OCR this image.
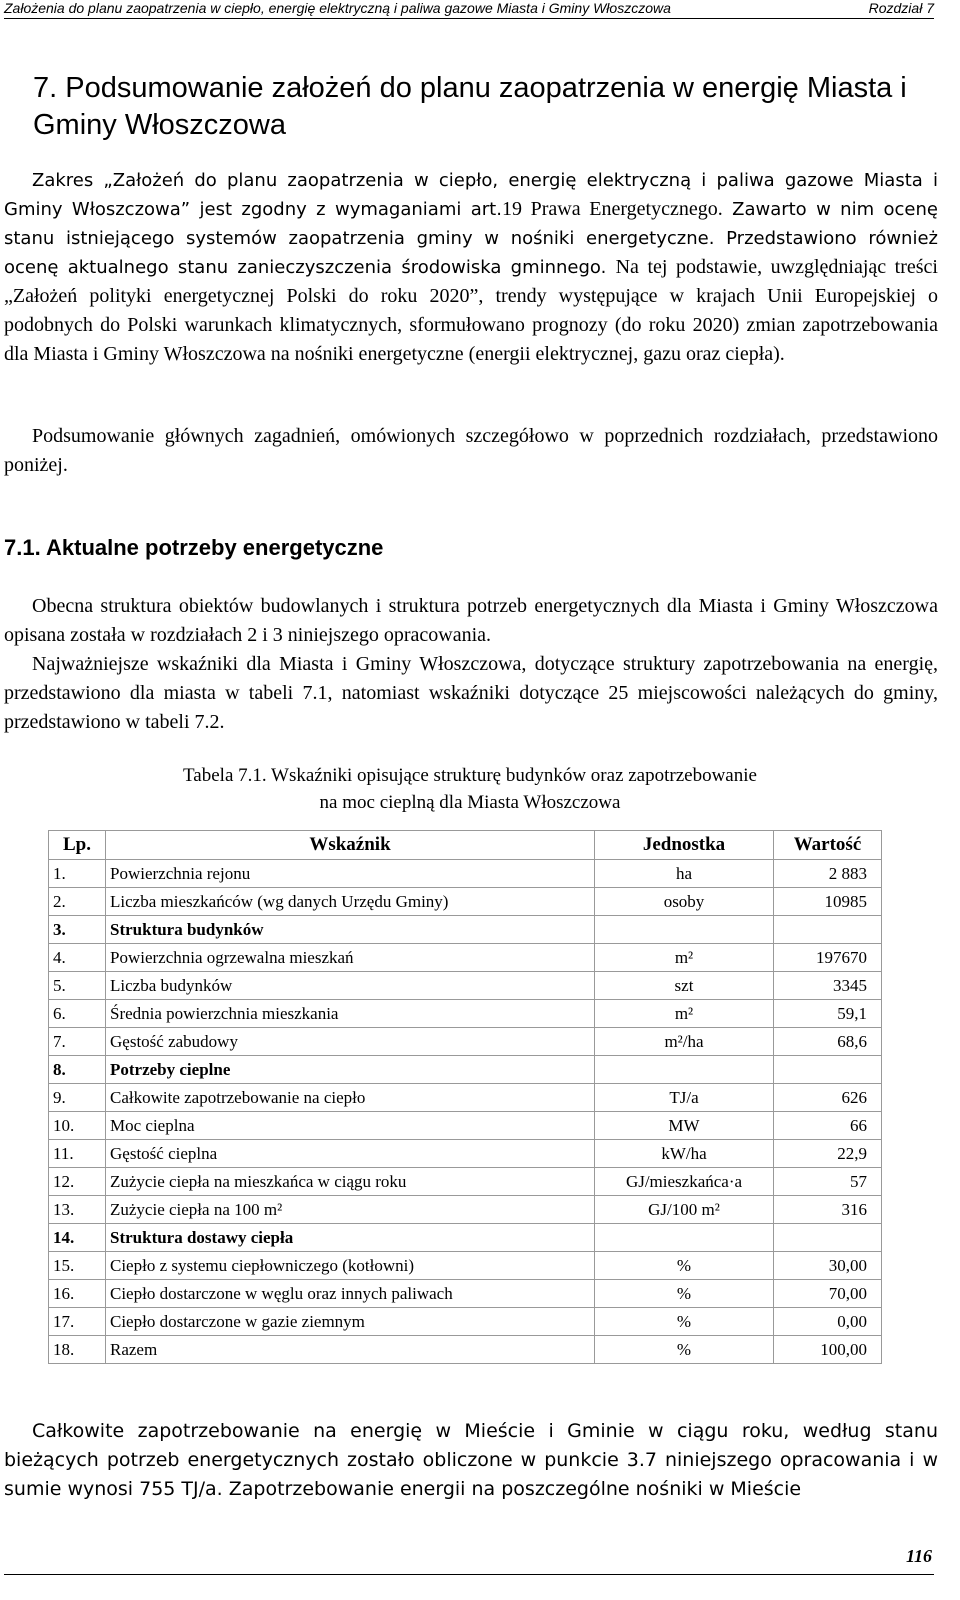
Założenia do planu zaopatrzenia w ciepło, energię elektryczną i paliwa gazowe Miasta i Gminy Włoszczowa	Rozdział 7
7. Podsumowanie założeń do planu zaopatrzenia w energię Miasta i Gminy Włoszczowa

Zakres „Założeń do planu zaopatrzenia w ciepło, energię elektryczną i paliwa gazowe Miasta i Gminy Włoszczowa” jest zgodny z wymaganiami art.19 Prawa Energetycznego. Zawarto w nim ocenę stanu istniejącego systemów zaopatrzenia gminy w nośniki energetyczne. Przedstawiono również ocenę aktualnego stanu zanieczyszczenia środowiska gminnego. Na tej podstawie, uwzględniając treści „Założeń polityki energetycznej Polski do roku 2020”, trendy występujące w krajach Unii Europejskiej o podobnych do Polski warunkach klimatycznych, sformułowano prognozy (do roku 2020) zmian zapotrzebowania dla Miasta i Gminy Włoszczowa na nośniki energetyczne (energii elektrycznej, gazu oraz ciepła).

Podsumowanie głównych zagadnień, omówionych szczegółowo w poprzednich rozdziałach, przedstawiono poniżej.

7.1. Aktualne potrzeby energetyczne

Obecna struktura obiektów budowlanych i struktura potrzeb energetycznych dla Miasta i Gminy Włoszczowa opisana została w rozdziałach 2 i 3 niniejszego opracowania.

Najważniejsze wskaźniki dla Miasta i Gminy Włoszczowa, dotyczące struktury zapotrzebowania na energię, przedstawiono dla miasta w tabeli 7.1, natomiast wskaźniki dotyczące 25 miejscowości należących do gminy, przedstawiono w tabeli 7.2.

Tabela 7.1. Wskaźniki opisujące strukturę budynków oraz zapotrzebowanie
na moc cieplną dla Miasta Włoszczowa
Lp.	Wskaźnik	Jednostka	Wartość
1.	Powierzchnia rejonu	ha	2 883
2.	Liczba mieszkańców (wg danych Urzędu Gminy)	osoby	10985
3.	Struktura budynków		
4.	Powierzchnia ogrzewalna mieszkań	m²	197670
5.	Liczba budynków	szt	3345
6.	Średnia powierzchnia mieszkania	m²	59,1
7.	Gęstość zabudowy	m²/ha	68,6
8.	Potrzeby cieplne		
9.	Całkowite zapotrzebowanie na ciepło	TJ/a	626
10.	Moc cieplna	MW	66
11.	Gęstość cieplna	kW/ha	22,9
12.	Zużycie ciepła na mieszkańca w ciągu roku	GJ/mieszkańca·a	57
13.	Zużycie ciepła na 100 m²	GJ/100 m²	316
14.	Struktura dostawy ciepła		
15.	Ciepło z systemu ciepłowniczego (kotłowni)	%	30,00
16.	Ciepło dostarczone w węglu oraz innych paliwach	%	70,00
17.	Ciepło dostarczone w gazie ziemnym	%	0,00
18.	Razem	%	100,00

Całkowite zapotrzebowanie na energię w Mieście i Gminie w ciągu roku, według stanu bieżących potrzeb energetycznych zostało obliczone w punkcie 3.7 niniejszego opracowania i w sumie wynosi 755 TJ/a. Zapotrzebowanie energii na poszczególne nośniki w Mieście

116
